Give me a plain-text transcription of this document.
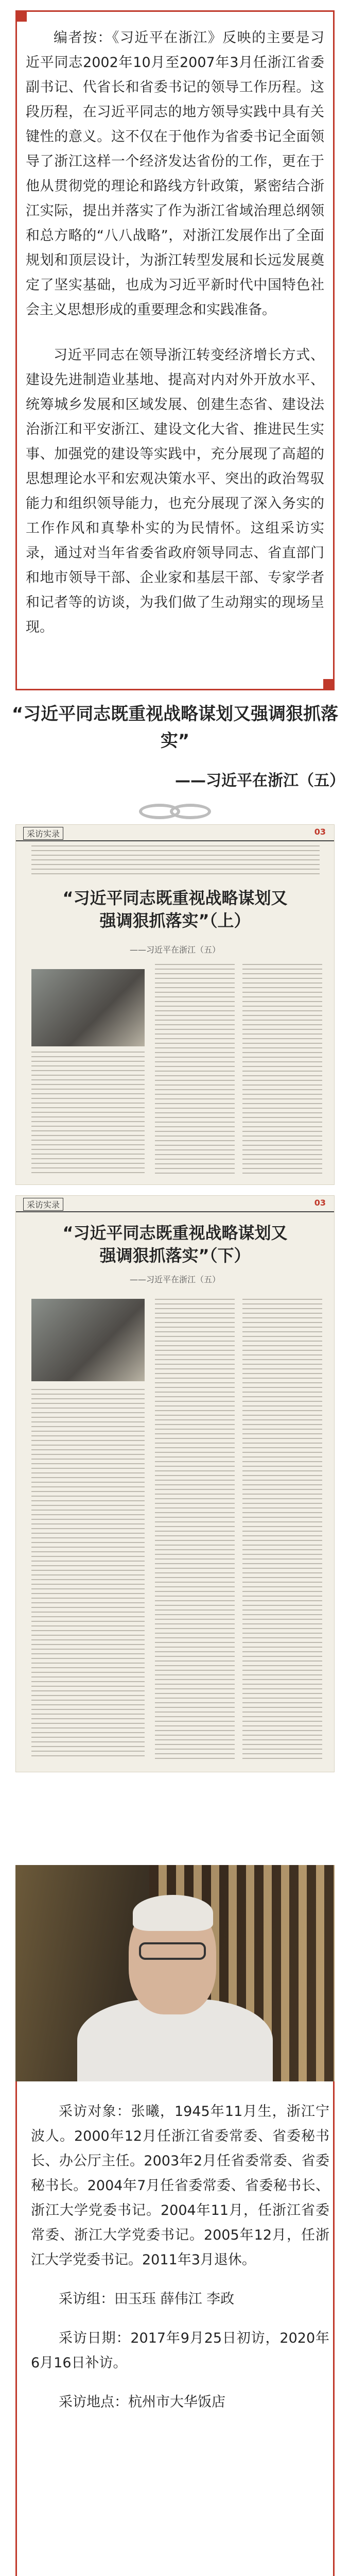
编者按：《习近平在浙江》反映的主要是习近平同志2002年10月至2007年3月任浙江省委副书记、代省长和省委书记的领导工作历程。这段历程，在习近平同志的地方领导实践中具有关键性的意义。这不仅在于他作为省委书记全面领导了浙江这样一个经济发达省份的工作，更在于他从贯彻党的理论和路线方针政策，紧密结合浙江实际，提出并落实了作为浙江省域治理总纲领和总方略的“八八战略”，对浙江发展作出了全面规划和顶层设计，为浙江转型发展和长远发展奠定了坚实基础，也成为习近平新时代中国特色社会主义思想形成的重要理念和实践准备。

习近平同志在领导浙江转变经济增长方式、建设先进制造业基地、提高对内对外开放水平、统筹城乡发展和区域发展、创建生态省、建设法治浙江和平安浙江、建设文化大省、推进民生实事、加强党的建设等实践中，充分展现了高超的思想理论水平和宏观决策水平、突出的政治驾驭能力和组织领导能力，也充分展现了深入务实的工作作风和真挚朴实的为民情怀。这组采访实录，通过对当年省委省政府领导同志、省直部门和地市领导干部、企业家和基层干部、专家学者和记者等的访谈，为我们做了生动翔实的现场呈现。

“习近平同志既重视战略谋划又强调狠抓落实”
——习近平在浙江（五）
采访实录	03
“习近平同志既重视战略谋划又强调狠抓落实”（上）
——习近平在浙江（五）
采访实录	03
“习近平同志既重视战略谋划又强调狠抓落实”（下）
——习近平在浙江（五）

采访对象：张曦，1945年11月生，浙江宁波人。2000年12月任浙江省委常委、省委秘书长、办公厅主任。2003年2月任省委常委、省委秘书长。2004年7月任省委常委、省委秘书长、浙江大学党委书记。2004年11月，任浙江省委常委、浙江大学党委书记。2005年12月，任浙江大学党委书记。2011年3月退休。

采访组：田玉珏 薛伟江 李政

采访日期：2017年9月25日初访，2020年6月16日补访。

采访地点：杭州市大华饭店
